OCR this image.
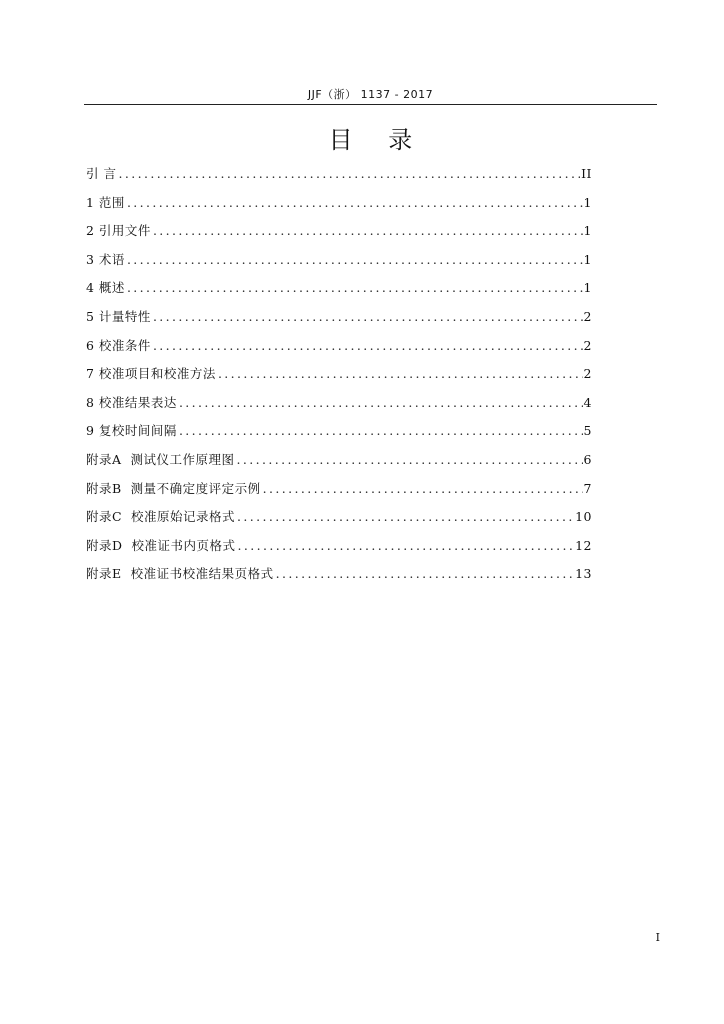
JJF（浙） 1137 - 2017
目 录
引 言 .....	II
1 范围 .....	1
2 引用文件 .....	1
3 术语 .....	1
4 概述 .....	1
5 计量特性 .....	2
6 校准条件 .....	2
7 校准项目和校准方法 .....	2
8 校准结果表达 .....	4
9 复校时间间隔 .....	5
附录A  测试仪工作原理图 .....	6
附录B  测量不确定度评定示例 .....	7
附录C  校准原始记录格式 .....	10
附录D  校准证书内页格式 .....	12
附录E  校准证书校准结果页格式 .....	13
I
